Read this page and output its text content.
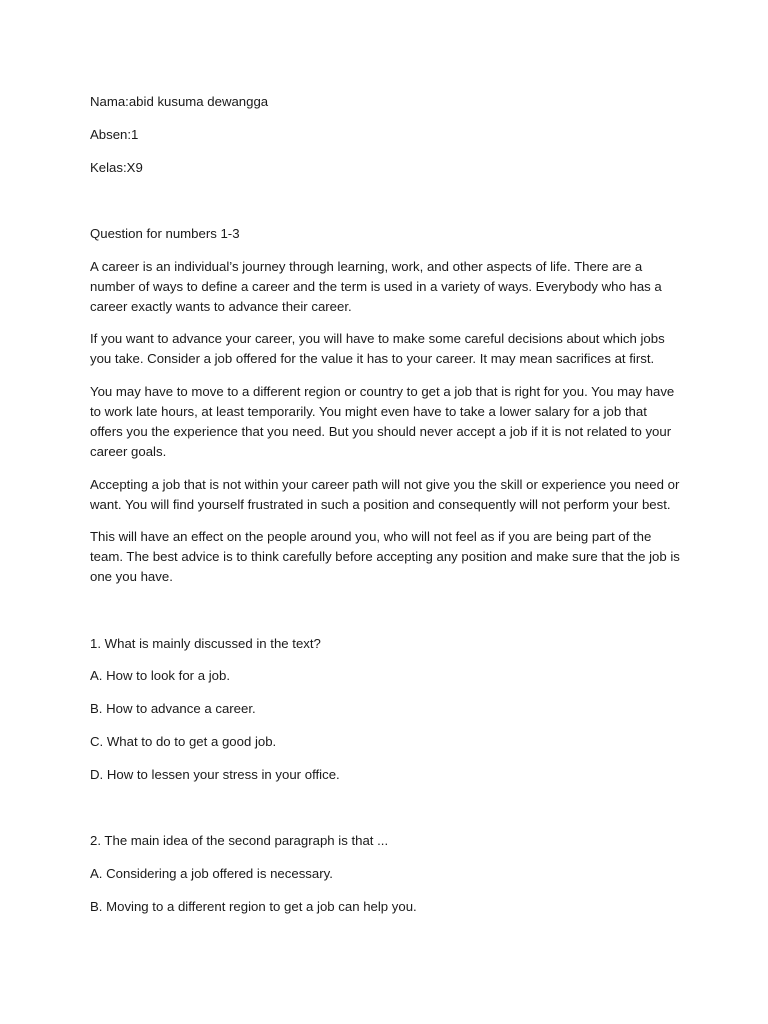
Nama:abid kusuma dewangga

Absen:1

Kelas:X9

Question for numbers 1-3

A career is an individual’s journey through learning, work, and other aspects of life. There are a number of ways to define a career and the term is used in a variety of ways. Everybody who has a career exactly wants to advance their career.

If you want to advance your career, you will have to make some careful decisions about which jobs you take. Consider a job offered for the value it has to your career. It may mean sacrifices at first.

You may have to move to a different region or country to get a job that is right for you. You may have to work late hours, at least temporarily. You might even have to take a lower salary for a job that offers you the experience that you need. But you should never accept a job if it is not related to your career goals.

Accepting a job that is not within your career path will not give you the skill or experience you need or want. You will find yourself frustrated in such a position and consequently will not perform your best.

This will have an effect on the people around you, who will not feel as if you are being part of the team. The best advice is to think carefully before accepting any position and make sure that the job is one you have.

1. What is mainly discussed in the text?

A. How to look for a job.

B. How to advance a career.

C. What to do to get a good job.

D. How to lessen your stress in your office.

2. The main idea of the second paragraph is that ...

A. Considering a job offered is necessary.

B. Moving to a different region to get a job can help you.
